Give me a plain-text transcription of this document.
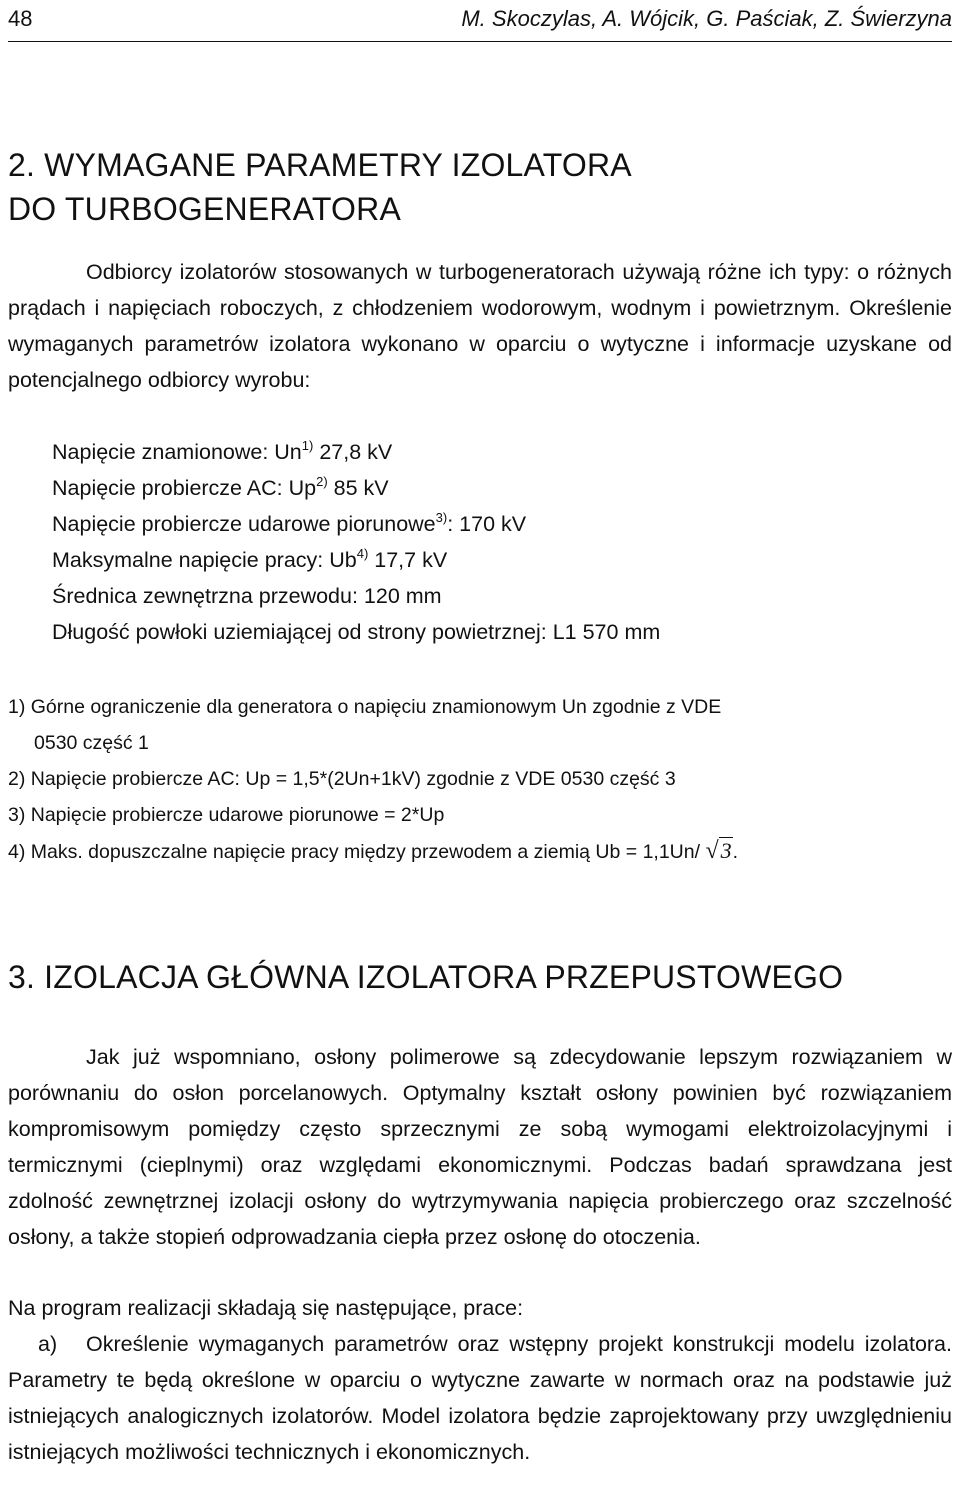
48	M. Skoczylas, A. Wójcik, G. Paściak, Z. Świerzyna
2. WYMAGANE PARAMETRY IZOLATORA
DO TURBOGENERATORA
Odbiorcy izolatorów stosowanych w turbogeneratorach używają różne ich typy: o różnych prądach i napięciach roboczych, z chłodzeniem wodorowym, wodnym i powietrznym. Określenie wymaganych parametrów izolatora wykonano w oparciu o wytyczne i informacje uzyskane od potencjalnego odbiorcy wyrobu:
Napięcie znamionowe: Un$^{1)}$ 27,8 kV
Napięcie probiercze AC: Up$^{2)}$ 85 kV
Napięcie probiercze udarowe piorunowe$^{3)}$: 170 kV
Maksymalne napięcie pracy: Ub$^{4)}$ 17,7 kV
Średnica zewnętrzna przewodu: 120 mm
Długość powłoki uziemiającej od strony powietrznej: L1 570 mm
1) Górne ograniczenie dla generatora o napięciu znamionowym Un zgodnie z VDE
0530 część 1
2) Napięcie probiercze AC: Up = 1,5*(2Un+1kV) zgodnie z VDE 0530 część 3
3) Napięcie probiercze udarowe piorunowe = 2*Up
4) Maks. dopuszczalne napięcie pracy między przewodem a ziemią Ub = 1,1Un/ √3.
3. IZOLACJA GŁÓWNA IZOLATORA PRZEPUSTOWEGO
Jak już wspomniano, osłony polimerowe są zdecydowanie lepszym rozwiązaniem w porównaniu do osłon porcelanowych. Optymalny kształt osłony powinien być rozwiązaniem kompromisowym pomiędzy często sprzecznymi ze sobą wymogami elektroizolacyjnymi i termicznymi (cieplnymi) oraz względami ekonomicznymi. Podczas badań sprawdzana jest zdolność zewnętrznej izolacji osłony do wytrzymywania napięcia probierczego oraz szczelność osłony, a także stopień odprowadzania ciepła przez osłonę do otoczenia.
Na program realizacji składają się następujące, prace:
a) Określenie wymaganych parametrów oraz wstępny projekt konstrukcji modelu izolatora. Parametry te będą określone w oparciu o wytyczne zawarte w normach oraz na podstawie już istniejących analogicznych izolatorów. Model izolatora będzie zaprojektowany przy uwzględnieniu istniejących możliwości technicznych i ekonomicznych.
